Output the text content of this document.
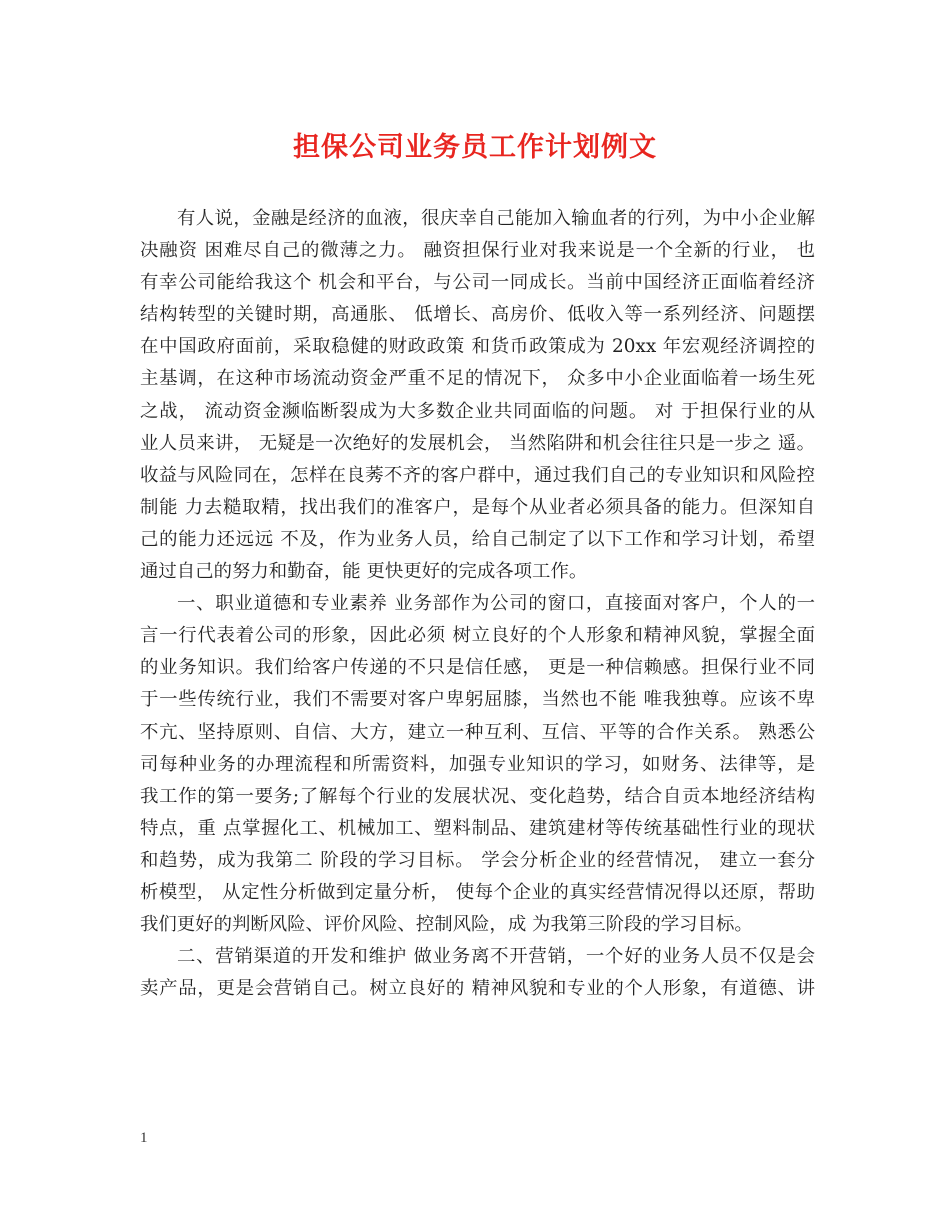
担保公司业务员工作计划例文
有人说，金融是经济的血液，很庆幸自己能加入输血者的行列，为中小企业解
决融资 困难尽自己的微薄之力。 融资担保行业对我来说是一个全新的行业， 也
有幸公司能给我这个 机会和平台，与公司一同成长。当前中国经济正面临着经济
结构转型的关键时期，高通胀、 低增长、高房价、低收入等一系列经济、问题摆
在中国政府面前，采取稳健的财政政策 和货币政策成为 20xx 年宏观经济调控的
主基调，在这种市场流动资金严重不足的情况下， 众多中小企业面临着一场生死
之战， 流动资金濒临断裂成为大多数企业共同面临的问题。 对 于担保行业的从
业人员来讲， 无疑是一次绝好的发展机会， 当然陷阱和机会往往只是一步之 遥。
收益与风险同在，怎样在良莠不齐的客户群中，通过我们自己的专业知识和风险控
制能 力去糙取精，找出我们的准客户，是每个从业者必须具备的能力。但深知自
己的能力还远远 不及，作为业务人员，给自己制定了以下工作和学习计划，希望
通过自己的努力和勤奋，能 更快更好的完成各项工作。
一、职业道德和专业素养 业务部作为公司的窗口，直接面对客户，个人的一
言一行代表着公司的形象，因此必须 树立良好的个人形象和精神风貌，掌握全面
的业务知识。我们给客户传递的不只是信任感， 更是一种信赖感。担保行业不同
于一些传统行业，我们不需要对客户卑躬屈膝，当然也不能 唯我独尊。应该不卑
不亢、坚持原则、自信、大方，建立一种互利、互信、平等的合作关系。 熟悉公
司每种业务的办理流程和所需资料，加强专业知识的学习，如财务、法律等，是
我工作的第一要务;了解每个行业的发展状况、变化趋势，结合自贡本地经济结构
特点，重 点掌握化工、机械加工、塑料制品、建筑建材等传统基础性行业的现状
和趋势，成为我第二 阶段的学习目标。 学会分析企业的经营情况， 建立一套分
析模型， 从定性分析做到定量分析， 使每个企业的真实经营情况得以还原，帮助
我们更好的判断风险、评价风险、控制风险，成 为我第三阶段的学习目标。
二、营销渠道的开发和维护 做业务离不开营销，一个好的业务人员不仅是会
卖产品，更是会营销自己。树立良好的 精神风貌和专业的个人形象，有道德、讲
1
